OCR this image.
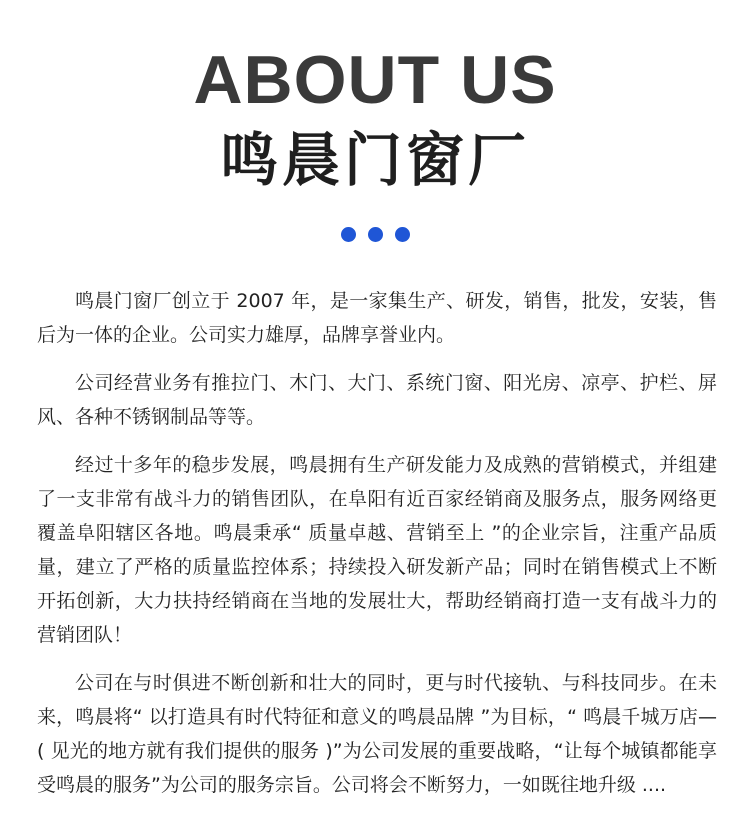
ABOUT US
鸣晨门窗厂

鸣晨门窗厂创立于 2007 年，是一家集生产、研发，销售，批发，安装，售后为一体的企业。公司实力雄厚，品牌享誉业内。

公司经营业务有推拉门、木门、大门、系统门窗、阳光房、凉亭、护栏、屏风、各种不锈钢制品等等。

经过十多年的稳步发展，鸣晨拥有生产研发能力及成熟的营销模式，并组建了一支非常有战斗力的销售团队，在阜阳有近百家经销商及服务点，服务网络更覆盖阜阳辖区各地。鸣晨秉承“ 质量卓越、营销至上 ”的企业宗旨，注重产品质量，建立了严格的质量监控体系；持续投入研发新产品；同时在销售模式上不断开拓创新，大力扶持经销商在当地的发展壮大，帮助经销商打造一支有战斗力的营销团队！

公司在与时俱进不断创新和壮大的同时，更与时代接轨、与科技同步。在未来，鸣晨将“ 以打造具有时代特征和意义的鸣晨品牌 ”为目标，“ 鸣晨千城万店—( 见光的地方就有我们提供的服务 )”为公司发展的重要战略，“让每个城镇都能享受鸣晨的服务”为公司的服务宗旨。公司将会不断努力，一如既往地升级 ....
